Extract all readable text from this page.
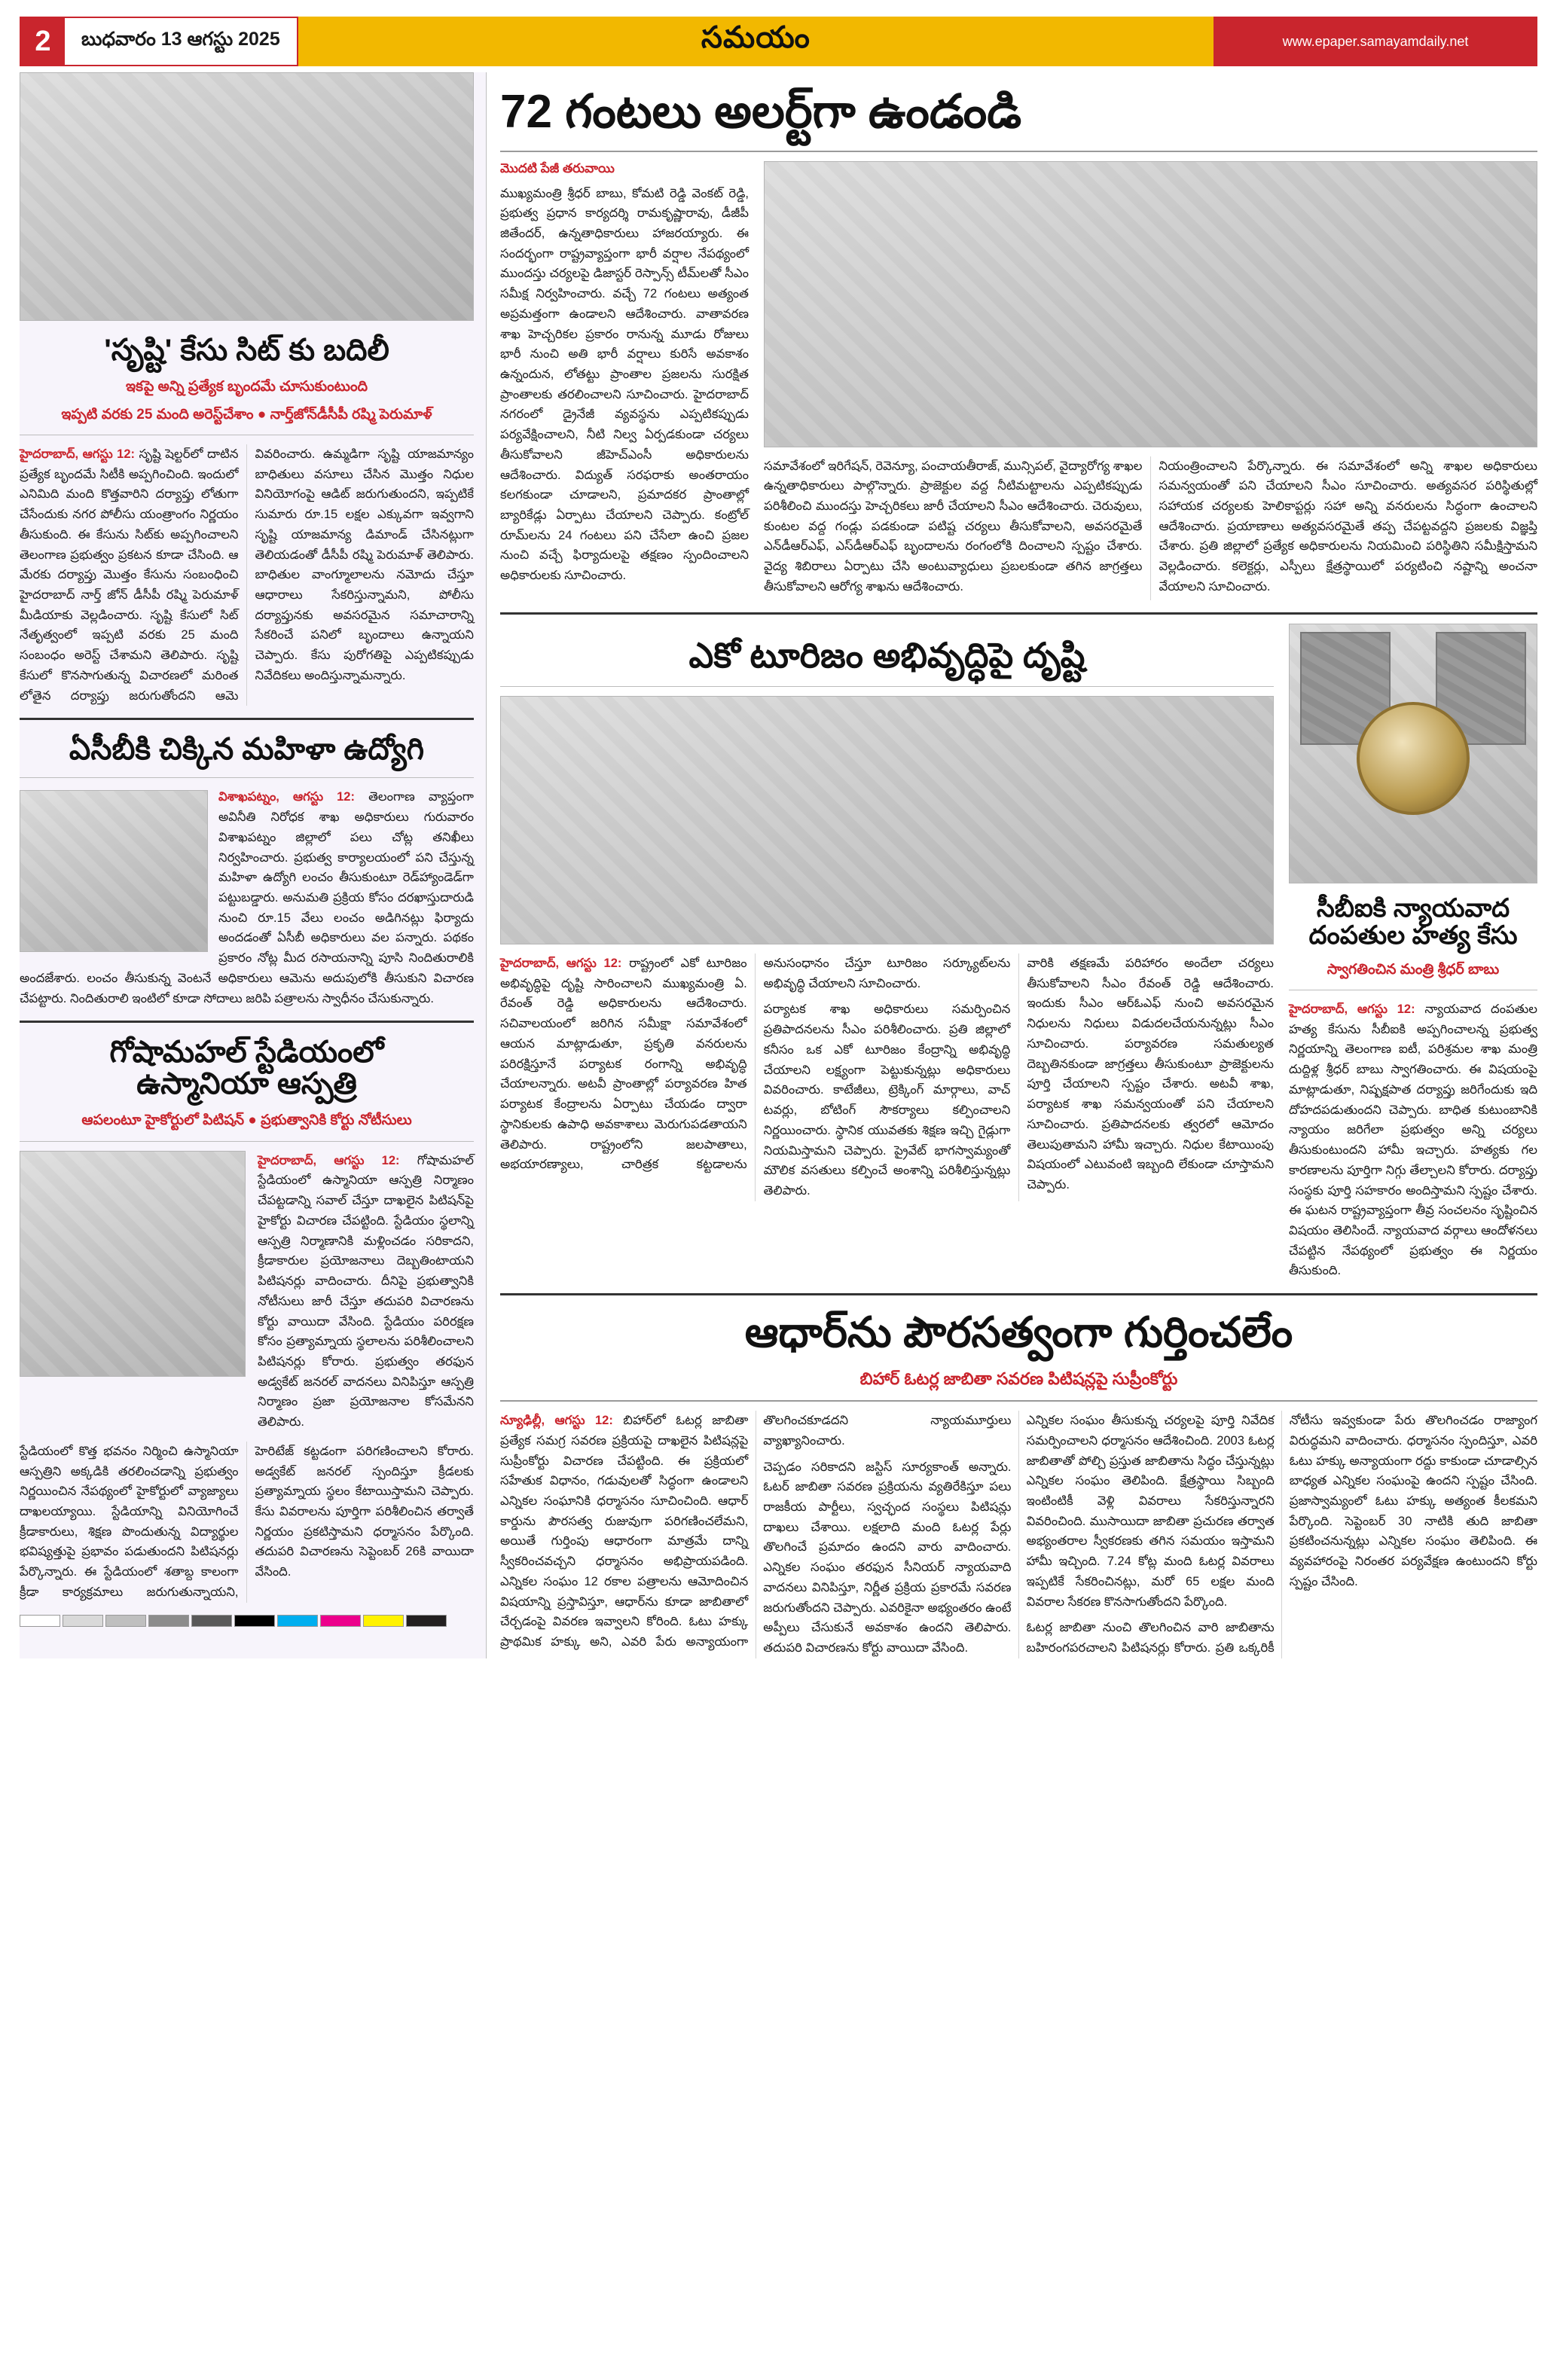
2	బుధవారం 13 ఆగస్టు 2025	సమయం	www.epaper.samayamdaily.net
'సృష్టి' కేసు సిట్ కు బదిలీ
ఇకపై అన్ని ప్రత్యేక బృందమే చూసుకుంటుంది
ఇప్పటి వరకు 25 మంది అరెస్ట్‌చేశాం ● నార్త్‌జోన్‌డీసీపీ రష్మి పెరుమాళ్
హైదరాబాద్, ఆగస్టు 12: సృష్టి షెల్టర్‌లో దాటిన ప్రత్యేక బృందమే సిటీకి అప్పగించింది. ఇందులో ఎనిమిది మంది కొత్తవారిని దర్యాప్తు లోతుగా చేసేందుకు నగర పోలీసు యంత్రాంగం నిర్ణయం తీసుకుంది. ఈ కేసును సిట్‌కు అప్పగించాలని తెలంగాణ ప్రభుత్వం ప్రకటన కూడా చేసింది. ఆ మేరకు దర్యాప్తు మొత్తం కేసును సంబంధించి హైదరాబాద్ నార్త్ జోన్ డీసీపీ రష్మి పెరుమాళ్ మీడియాకు వెల్లడించారు. సృష్టి కేసులో సిట్ నేతృత్వంలో ఇప్పటి వరకు 25 మంది సంబంధం అరెస్ట్ చేశామని తెలిపారు. సృష్టి కేసులో కొనసాగుతున్న విచారణలో మరింత లోతైన దర్యాప్తు జరుగుతోందని ఆమె వివరించారు. ఉమ్మడిగా సృష్టి యాజమాన్యం బాధితులు వసూలు చేసిన మొత్తం నిధుల వినియోగంపై ఆడిట్ జరుగుతుందని, ఇప్పటికే సుమారు రూ.15 లక్షల ఎక్కువగా ఇవ్వగాని సృష్టి యాజమాన్య డిమాండ్ చేసినట్లుగా తెలియడంతో డీసీపీ రష్మి పెరుమాళ్ తెలిపారు. బాధితుల వాంగ్మూలాలను నమోదు చేస్తూ ఆధారాలు సేకరిస్తున్నామని, పోలీసు దర్యాప్తునకు అవసరమైన సమాచారాన్ని సేకరించే పనిలో బృందాలు ఉన్నాయని చెప్పారు. కేసు పురోగతిపై ఎప్పటికప్పుడు నివేదికలు అందిస్తున్నామన్నారు.
ఏసీబీకి చిక్కిన మహిళా ఉద్యోగి
విశాఖపట్నం, ఆగస్టు 12: తెలంగాణ వ్యాప్తంగా అవినీతి నిరోధక శాఖ అధికారులు గురువారం విశాఖపట్నం జిల్లాలో పలు చోట్ల తనిఖీలు నిర్వహించారు. ప్రభుత్వ కార్యాలయంలో పని చేస్తున్న మహిళా ఉద్యోగి లంచం తీసుకుంటూ రెడ్‌హ్యాండెడ్‌గా పట్టుబడ్డారు. అనుమతి ప్రక్రియ కోసం దరఖాస్తుదారుడి నుంచి రూ.15 వేలు లంచం అడిగినట్లు ఫిర్యాదు అందడంతో ఏసీబీ అధికారులు వల పన్నారు. పథకం ప్రకారం నోట్ల మీద రసాయనాన్ని పూసి నిందితురాలికి అందజేశారు. లంచం తీసుకున్న వెంటనే అధికారులు ఆమెను అదుపులోకి తీసుకుని విచారణ చేపట్టారు. నిందితురాలి ఇంటిలో కూడా సోదాలు జరిపి పత్రాలను స్వాధీనం చేసుకున్నారు.
గోషామహల్ స్టేడియంలో
ఉస్మానియా ఆస్పత్రి
ఆపలంటూ హైకోర్టులో పిటిషన్ ● ప్రభుత్వానికి కోర్టు నోటీసులు
హైదరాబాద్, ఆగస్టు 12: గోషామహల్ స్టేడియంలో ఉస్మానియా ఆస్పత్రి నిర్మాణం చేపట్టడాన్ని సవాల్ చేస్తూ దాఖలైన పిటిషన్‌పై హైకోర్టు విచారణ చేపట్టింది. స్టేడియం స్థలాన్ని ఆస్పత్రి నిర్మాణానికి మళ్లించడం సరికాదని, క్రీడాకారుల ప్రయోజనాలు దెబ్బతింటాయని పిటిషనర్లు వాదించారు. దీనిపై ప్రభుత్వానికి నోటీసులు జారీ చేస్తూ తదుపరి విచారణను కోర్టు వాయిదా వేసింది. స్టేడియం పరిరక్షణ కోసం ప్రత్యామ్నాయ స్థలాలను పరిశీలించాలని పిటిషనర్లు కోరారు. ప్రభుత్వం తరఫున అడ్వకేట్ జనరల్ వాదనలు వినిపిస్తూ ఆస్పత్రి నిర్మాణం ప్రజా ప్రయోజనాల కోసమేనని తెలిపారు.
స్టేడియంలో కొత్త భవనం నిర్మించి ఉస్మానియా ఆస్పత్రిని అక్కడికి తరలించడాన్ని ప్రభుత్వం నిర్ణయించిన నేపథ్యంలో హైకోర్టులో వ్యాజ్యాలు దాఖలయ్యాయి. స్టేడియాన్ని వినియోగించే క్రీడాకారులు, శిక్షణ పొందుతున్న విద్యార్థుల భవిష్యత్తుపై ప్రభావం పడుతుందని పిటిషనర్లు పేర్కొన్నారు. ఈ స్టేడియంలో శతాబ్ద కాలంగా క్రీడా కార్యక్రమాలు జరుగుతున్నాయని, హెరిటేజ్ కట్టడంగా పరిగణించాలని కోరారు. అడ్వకేట్ జనరల్ స్పందిస్తూ క్రీడలకు ప్రత్యామ్నాయ స్థలం కేటాయిస్తామని చెప్పారు. కేసు వివరాలను పూర్తిగా పరిశీలించిన తర్వాతే నిర్ణయం ప్రకటిస్తామని ధర్మాసనం పేర్కొంది. తదుపరి విచారణను సెప్టెంబర్ 26కి వాయిదా వేసింది.
72 గంటలు అలర్ట్‌గా ఉండండి
మొదటి పేజీ తరువాయి
ముఖ్యమంత్రి శ్రీధర్ బాబు, కోమటి రెడ్డి వెంకట్ రెడ్డి, ప్రభుత్వ ప్రధాన కార్యదర్శి రామకృష్ణారావు, డీజీపీ జితేందర్, ఉన్నతాధికారులు హాజరయ్యారు. ఈ సందర్భంగా రాష్ట్రవ్యాప్తంగా భారీ వర్షాల నేపథ్యంలో ముందస్తు చర్యలపై డిజాస్టర్ రెస్పాన్స్ టీమ్‌లతో సీఎం సమీక్ష నిర్వహించారు. వచ్చే 72 గంటలు అత్యంత అప్రమత్తంగా ఉండాలని ఆదేశించారు. వాతావరణ శాఖ హెచ్చరికల ప్రకారం రానున్న మూడు రోజులు భారీ నుంచి అతి భారీ వర్షాలు కురిసే అవకాశం ఉన్నందున, లోతట్టు ప్రాంతాల ప్రజలను సురక్షిత ప్రాంతాలకు తరలించాలని సూచించారు. హైదరాబాద్ నగరంలో డ్రైనేజీ వ్యవస్థను ఎప్పటికప్పుడు పర్యవేక్షించాలని, నీటి నిల్వ ఏర్పడకుండా చర్యలు తీసుకోవాలని జీహెచ్ఎంసీ అధికారులను ఆదేశించారు. విద్యుత్ సరఫరాకు అంతరాయం కలగకుండా చూడాలని, ప్రమాదకర ప్రాంతాల్లో బ్యారికేడ్లు ఏర్పాటు చేయాలని చెప్పారు. కంట్రోల్ రూమ్‌లను 24 గంటలు పని చేసేలా ఉంచి ప్రజల నుంచి వచ్చే ఫిర్యాదులపై తక్షణం స్పందించాలని అధికారులకు సూచించారు.
సమావేశంలో ఇరిగేషన్, రెవెన్యూ, పంచాయతీరాజ్, మున్సిపల్, వైద్యారోగ్య శాఖల ఉన్నతాధికారులు పాల్గొన్నారు. ప్రాజెక్టుల వద్ద నీటిమట్టాలను ఎప్పటికప్పుడు పరిశీలించి ముందస్తు హెచ్చరికలు జారీ చేయాలని సీఎం ఆదేశించారు. చెరువులు, కుంటల వద్ద గండ్లు పడకుండా పటిష్ట చర్యలు తీసుకోవాలని, అవసరమైతే ఎన్‌డీఆర్ఎఫ్, ఎస్‌డీఆర్ఎఫ్ బృందాలను రంగంలోకి దించాలని స్పష్టం చేశారు. వైద్య శిబిరాలు ఏర్పాటు చేసి అంటువ్యాధులు ప్రబలకుండా తగిన జాగ్రత్తలు తీసుకోవాలని ఆరోగ్య శాఖను ఆదేశించారు.
నియంత్రించాలని పేర్కొన్నారు. ఈ సమావేశంలో అన్ని శాఖల అధికారులు సమన్వయంతో పని చేయాలని సీఎం సూచించారు. అత్యవసర పరిస్థితుల్లో సహాయక చర్యలకు హెలికాప్టర్లు సహా అన్ని వనరులను సిద్ధంగా ఉంచాలని ఆదేశించారు. ప్రయాణాలు అత్యవసరమైతే తప్ప చేపట్టవద్దని ప్రజలకు విజ్ఞప్తి చేశారు. ప్రతి జిల్లాలో ప్రత్యేక అధికారులను నియమించి పరిస్థితిని సమీక్షిస్తామని వెల్లడించారు. కలెక్టర్లు, ఎస్పీలు క్షేత్రస్థాయిలో పర్యటించి నష్టాన్ని అంచనా వేయాలని సూచించారు.
ఎకో టూరిజం అభివృద్ధిపై దృష్టి
హైదరాబాద్, ఆగస్టు 12: రాష్ట్రంలో ఎకో టూరిజం అభివృద్ధిపై దృష్టి సారించాలని ముఖ్యమంత్రి ఏ. రేవంత్ రెడ్డి అధికారులను ఆదేశించారు. సచివాలయంలో జరిగిన సమీక్షా సమావేశంలో ఆయన మాట్లాడుతూ, ప్రకృతి వనరులను పరిరక్షిస్తూనే పర్యాటక రంగాన్ని అభివృద్ధి చేయాలన్నారు. అటవీ ప్రాంతాల్లో పర్యావరణ హిత పర్యాటక కేంద్రాలను ఏర్పాటు చేయడం ద్వారా స్థానికులకు ఉపాధి అవకాశాలు మెరుగుపడతాయని తెలిపారు. రాష్ట్రంలోని జలపాతాలు, అభయారణ్యాలు, చారిత్రక కట్టడాలను అనుసంధానం చేస్తూ టూరిజం సర్క్యూట్‌లను అభివృద్ధి చేయాలని సూచించారు.
పర్యాటక శాఖ అధికారులు సమర్పించిన ప్రతిపాదనలను సీఎం పరిశీలించారు. ప్రతి జిల్లాలో కనీసం ఒక ఎకో టూరిజం కేంద్రాన్ని అభివృద్ధి చేయాలని లక్ష్యంగా పెట్టుకున్నట్లు అధికారులు వివరించారు. కాటేజీలు, ట్రెక్కింగ్ మార్గాలు, వాచ్ టవర్లు, బోటింగ్ సౌకర్యాలు కల్పించాలని నిర్ణయించారు. స్థానిక యువతకు శిక్షణ ఇచ్చి గైడ్లుగా నియమిస్తామని చెప్పారు. ప్రైవేట్ భాగస్వామ్యంతో మౌలిక వసతులు కల్పించే అంశాన్ని పరిశీలిస్తున్నట్లు తెలిపారు.
వారికి తక్షణమే పరిహారం అందేలా చర్యలు తీసుకోవాలని సీఎం రేవంత్ రెడ్డి ఆదేశించారు. ఇందుకు సీఎం ఆర్ఓఎఫ్ నుంచి అవసరమైన నిధులను నిధులు విడుదలచేయనున్నట్లు సీఎం సూచించారు. పర్యావరణ సమతుల్యత దెబ్బతినకుండా జాగ్రత్తలు తీసుకుంటూ ప్రాజెక్టులను పూర్తి చేయాలని స్పష్టం చేశారు. అటవీ శాఖ, పర్యాటక శాఖ సమన్వయంతో పని చేయాలని సూచించారు. ప్రతిపాదనలకు త్వరలో ఆమోదం తెలుపుతామని హామీ ఇచ్చారు. నిధుల కేటాయింపు విషయంలో ఎటువంటి ఇబ్బంది లేకుండా చూస్తామని చెప్పారు.
సీబీఐకి న్యాయవాద
దంపతుల హత్య కేసు
స్వాగతించిన మంత్రి శ్రీధర్ బాబు
హైదరాబాద్, ఆగస్టు 12: న్యాయవాద దంపతుల హత్య కేసును సీబీఐకి అప్పగించాలన్న ప్రభుత్వ నిర్ణయాన్ని తెలంగాణ ఐటీ, పరిశ్రమల శాఖ మంత్రి దుద్దిళ్ల శ్రీధర్ బాబు స్వాగతించారు. ఈ విషయంపై మాట్లాడుతూ, నిష్పక్షపాత దర్యాప్తు జరిగేందుకు ఇది దోహదపడుతుందని చెప్పారు. బాధిత కుటుంబానికి న్యాయం జరిగేలా ప్రభుత్వం అన్ని చర్యలు తీసుకుంటుందని హామీ ఇచ్చారు. హత్యకు గల కారణాలను పూర్తిగా నిగ్గు తేల్చాలని కోరారు. దర్యాప్తు సంస్థకు పూర్తి సహకారం అందిస్తామని స్పష్టం చేశారు. ఈ ఘటన రాష్ట్రవ్యాప్తంగా తీవ్ర సంచలనం సృష్టించిన విషయం తెలిసిందే. న్యాయవాద వర్గాలు ఆందోళనలు చేపట్టిన నేపథ్యంలో ప్రభుత్వం ఈ నిర్ణయం తీసుకుంది.
ఆధార్‌ను పౌరసత్వంగా గుర్తించలేం
బిహార్ ఓటర్ల జాబితా సవరణ పిటిషన్లపై సుప్రీంకోర్టు
న్యూఢిల్లీ, ఆగస్టు 12: బిహార్‌లో ఓటర్ల జాబితా ప్రత్యేక సమగ్ర సవరణ ప్రక్రియపై దాఖలైన పిటిషన్లపై సుప్రీంకోర్టు విచారణ చేపట్టింది. ఈ ప్రక్రియలో సహేతుక విధానం, గడువులతో సిద్ధంగా ఉండాలని ఎన్నికల సంఘానికి ధర్మాసనం సూచించింది. ఆధార్ కార్డును పౌరసత్వ రుజువుగా పరిగణించలేమని, అయితే గుర్తింపు ఆధారంగా మాత్రమే దాన్ని స్వీకరించవచ్చని ధర్మాసనం అభిప్రాయపడింది. ఎన్నికల సంఘం 12 రకాల పత్రాలను ఆమోదించిన విషయాన్ని ప్రస్తావిస్తూ, ఆధార్‌ను కూడా జాబితాలో చేర్చడంపై వివరణ ఇవ్వాలని కోరింది. ఓటు హక్కు ప్రాథమిక హక్కు అని, ఎవరి పేరు అన్యాయంగా తొలగించకూడదని న్యాయమూర్తులు వ్యాఖ్యానించారు.
చెప్పడం సరికాదని జస్టిస్ సూర్యకాంత్ అన్నారు. ఓటర్ జాబితా సవరణ ప్రక్రియను వ్యతిరేకిస్తూ పలు రాజకీయ పార్టీలు, స్వచ్ఛంద సంస్థలు పిటిషన్లు దాఖలు చేశాయి. లక్షలాది మంది ఓటర్ల పేర్లు తొలగించే ప్రమాదం ఉందని వారు వాదించారు. ఎన్నికల సంఘం తరఫున సీనియర్ న్యాయవాది వాదనలు వినిపిస్తూ, నిర్ణీత ప్రక్రియ ప్రకారమే సవరణ జరుగుతోందని చెప్పారు. ఎవరికైనా అభ్యంతరం ఉంటే అప్పీలు చేసుకునే అవకాశం ఉందని తెలిపారు. తదుపరి విచారణను కోర్టు వాయిదా వేసింది.
ఎన్నికల సంఘం తీసుకున్న చర్యలపై పూర్తి నివేదిక సమర్పించాలని ధర్మాసనం ఆదేశించింది. 2003 ఓటర్ల జాబితాతో పోల్చి ప్రస్తుత జాబితాను సిద్ధం చేస్తున్నట్లు ఎన్నికల సంఘం తెలిపింది. క్షేత్రస్థాయి సిబ్బంది ఇంటింటికీ వెళ్లి వివరాలు సేకరిస్తున్నారని వివరించింది. ముసాయిదా జాబితా ప్రచురణ తర్వాత అభ్యంతరాల స్వీకరణకు తగిన సమయం ఇస్తామని హామీ ఇచ్చింది. 7.24 కోట్ల మంది ఓటర్ల వివరాలు ఇప్పటికే సేకరించినట్లు, మరో 65 లక్షల మంది వివరాల సేకరణ కొనసాగుతోందని పేర్కొంది.
ఓటర్ల జాబితా నుంచి తొలగించిన వారి జాబితాను బహిరంగపరచాలని పిటిషనర్లు కోరారు. ప్రతి ఒక్కరికీ నోటీసు ఇవ్వకుండా పేరు తొలగించడం రాజ్యాంగ విరుద్ధమని వాదించారు. ధర్మాసనం స్పందిస్తూ, ఎవరి ఓటు హక్కు అన్యాయంగా రద్దు కాకుండా చూడాల్సిన బాధ్యత ఎన్నికల సంఘంపై ఉందని స్పష్టం చేసింది. ప్రజాస్వామ్యంలో ఓటు హక్కు అత్యంత కీలకమని పేర్కొంది. సెప్టెంబర్ 30 నాటికి తుది జాబితా ప్రకటించనున్నట్లు ఎన్నికల సంఘం తెలిపింది. ఈ వ్యవహారంపై నిరంతర పర్యవేక్షణ ఉంటుందని కోర్టు స్పష్టం చేసింది.
